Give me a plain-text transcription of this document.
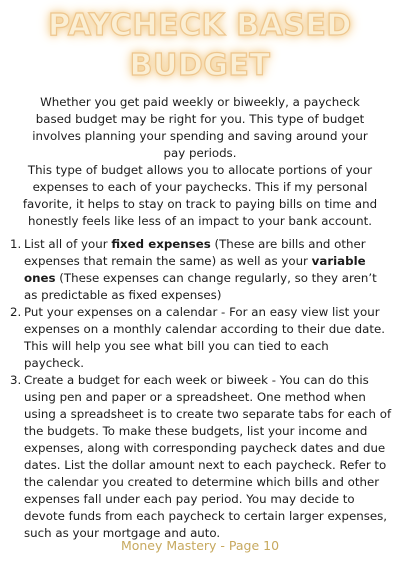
PAYCHECK BASED
BUDGET
Whether you get paid weekly or biweekly, a paycheck based budget may be right for you. This type of budget involves planning your spending and saving around your pay periods.
This type of budget allows you to allocate portions of your expenses to each of your paychecks. This if my personal favorite, it helps to stay on track to paying bills on time and honestly feels like less of an impact to your bank account.
1. List all of your fixed expenses (These are bills and other expenses that remain the same) as well as your variable ones (These expenses can change regularly, so they aren’t as predictable as fixed expenses)
2. Put your expenses on a calendar - For an easy view list your expenses on a monthly calendar according to their due date. This will help you see what bill you can tied to each paycheck.
3. Create a budget for each week or biweek - You can do this using pen and paper or a spreadsheet. One method when using a spreadsheet is to create two separate tabs for each of the budgets. To make these budgets, list your income and expenses, along with corresponding paycheck dates and due dates. List the dollar amount next to each paycheck. Refer to the calendar you created to determine which bills and other expenses fall under each pay period. You may decide to devote funds from each paycheck to certain larger expenses, such as your mortgage and auto.
Money Mastery - Page 10
